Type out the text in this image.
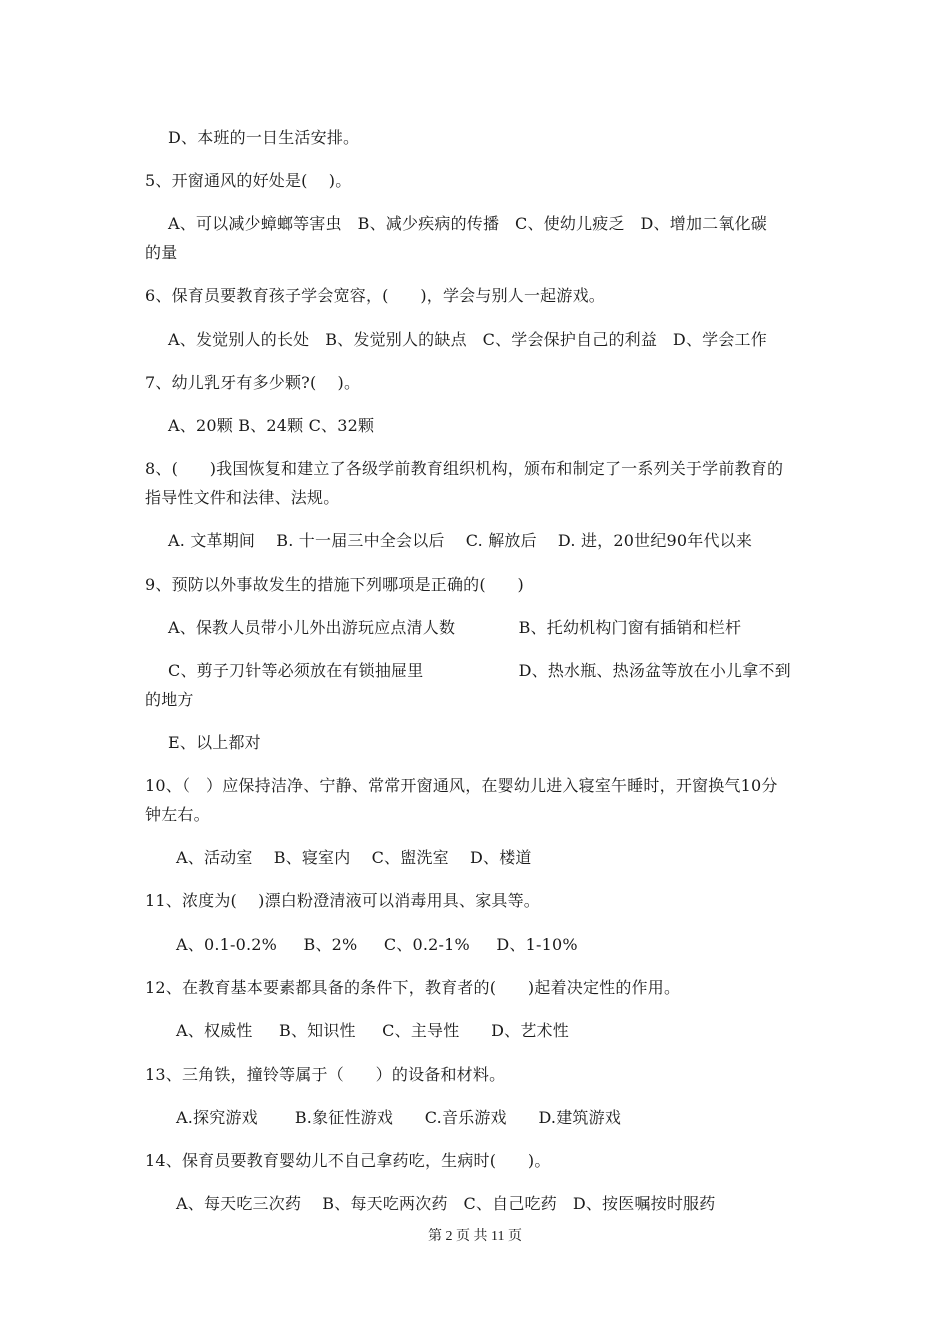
D、本班的一日生活安排。
5、开窗通风的好处是(    )。
A、可以减少蟑螂等害虫   B、减少疾病的传播   C、使幼儿疲乏   D、增加二氧化碳
的量
6、保育员要教育孩子学会宽容，(      )，学会与别人一起游戏。
A、发觉别人的长处   B、发觉别人的缺点   C、学会保护自己的利益   D、学会工作
7、幼儿乳牙有多少颗?(    )。
A、20颗 B、24颗 C、32颗
8、(      )我国恢复和建立了各级学前教育组织机构，颁布和制定了一系列关于学前教育的
指导性文件和法律、法规。
A. 文革期间    B. 十一届三中全会以后    C. 解放后    D. 进，20世纪90年代以来
9、预防以外事故发生的措施下列哪项是正确的(      )
A、保教人员带小儿外出游玩应点清人数            B、托幼机构门窗有插销和栏杆
C、剪子刀针等必须放在有锁抽屉里                  D、热水瓶、热汤盆等放在小儿拿不到
的地方
E、以上都对
10、（   ）应保持洁净、宁静、常常开窗通风，在婴幼儿进入寝室午睡时，开窗换气10分
钟左右。
A、活动室    B、寝室内    C、盥洗室    D、楼道
11、浓度为(    )漂白粉澄清液可以消毒用具、家具等。
A、0.1-0.2%     B、2%     C、0.2-1%     D、1-10%
12、在教育基本要素都具备的条件下，教育者的(      )起着决定性的作用。
A、权威性     B、知识性     C、主导性      D、艺术性
13、三角铁，撞铃等属于（      ）的设备和材料。
A.探究游戏       B.象征性游戏      C.音乐游戏      D.建筑游戏
14、保育员要教育婴幼儿不自己拿药吃，生病时(      )。
A、每天吃三次药    B、每天吃两次药   C、自己吃药   D、按医嘱按时服药
第 2 页 共 11 页
